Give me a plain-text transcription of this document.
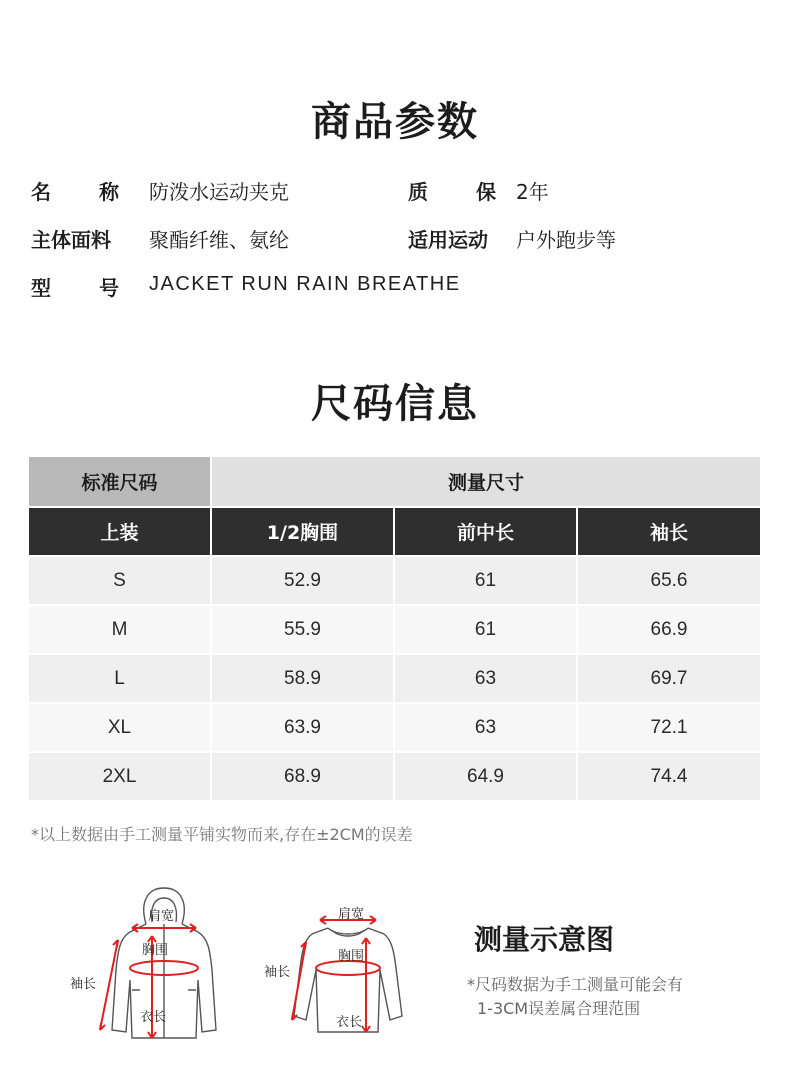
商品参数
名 称 防泼水运动夹克	质 保 2年
主体面料	聚酯纤维、氨纶	适用运动	户外跑步等
型 号 JACKET RUN RAIN BREATHE
尺码信息
标准尺码	测量尺寸		
上装	1/2胸围	前中长	袖长
S	52.9	61	65.6
M	55.9	61	66.9
L	58.9	63	69.7
XL	63.9	63	72.1
2XL	68.9	64.9	74.4
*以上数据由手工测量平铺实物而来,存在±2CM的误差
肩宽
胸围
袖长
衣长
肩宽
胸围
袖长
衣长
测量示意图
*尺码数据为手工测量可能会有
1-3CM误差属合理范围
